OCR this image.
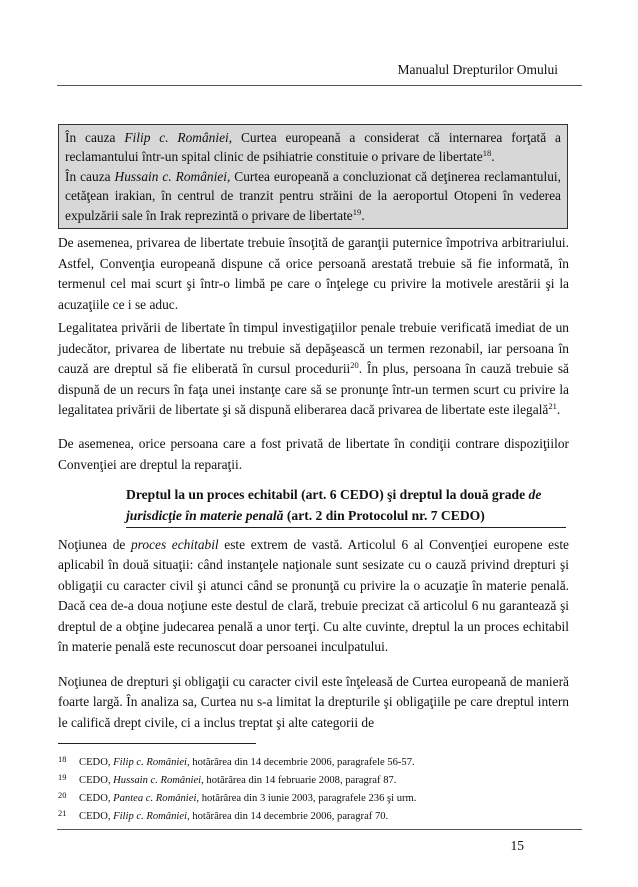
Manualul Drepturilor Omului

În cauza Filip c. României, Curtea europeană a considerat că internarea forţată a reclamantului într-un spital clinic de psihiatrie constituie o privare de libertate$^{18}$.

În cauza Hussain c. României, Curtea europeană a concluzionat că deţinerea reclamantului, cetăţean irakian, în centrul de tranzit pentru străini de la aeroportul Otopeni în vederea expulzării sale în Irak reprezintă o privare de libertate$^{19}$.

De asemenea, privarea de libertate trebuie însoţită de garanţii puternice împotriva arbitrariului. Astfel, Convenţia europeană dispune că orice persoană arestată trebuie să fie informată, în termenul cel mai scurt şi într-o limbă pe care o înţelege cu privire la motivele arestării şi la acuzaţiile ce i se aduc.

Legalitatea privării de libertate în timpul investigaţiilor penale trebuie verificată imediat de un judecător, privarea de libertate nu trebuie să depăşească un termen rezonabil, iar persoana în cauză are dreptul să fie eliberată în cursul procedurii$^{20}$. În plus, persoana în cauză trebuie să dispună de un recurs în faţa unei instanţe care să se pronunţe într-un termen scurt cu privire la legalitatea privării de libertate şi să dispună eliberarea dacă privarea de libertate este ilegală$^{21}$.

De asemenea, orice persoana care a fost privată de libertate în condiţii contrare dispoziţiilor Convenţiei are dreptul la reparaţii.

Dreptul la un proces echitabil (art. 6 CEDO) şi dreptul la două grade de jurisdicţie în materie penală (art. 2 din Protocolul nr. 7 CEDO)

Noţiunea de proces echitabil este extrem de vastă. Articolul 6 al Convenţiei europene este aplicabil în două situaţii: când instanţele naţionale sunt sesizate cu o cauză privind drepturi şi obligaţii cu caracter civil şi atunci când se pronunţă cu privire la o acuzaţie în materie penală. Dacă cea de-a doua noţiune este destul de clară, trebuie precizat că articolul 6 nu garantează şi dreptul de a obţine judecarea penală a unor terţi. Cu alte cuvinte, dreptul la un proces echitabil în materie penală este recunoscut doar persoanei inculpatului.

Noţiunea de drepturi şi obligaţii cu caracter civil este înţeleasă de Curtea europeană de manieră foarte largă. În analiza sa, Curtea nu s-a limitat la drepturile şi obligaţiile pe care dreptul intern le califică drept civile, ci a inclus treptat şi alte categorii de

18 CEDO, Filip c. României, hotărârea din 14 decembrie 2006, paragrafele 56-57.
19 CEDO, Hussain c. României, hotărârea din 14 februarie 2008, paragraf 87.
20 CEDO, Pantea c. României, hotărârea din 3 iunie 2003, paragrafele 236 şi urm.
21 CEDO, Filip c. României, hotărârea din 14 decembrie 2006, paragraf 70.
15
